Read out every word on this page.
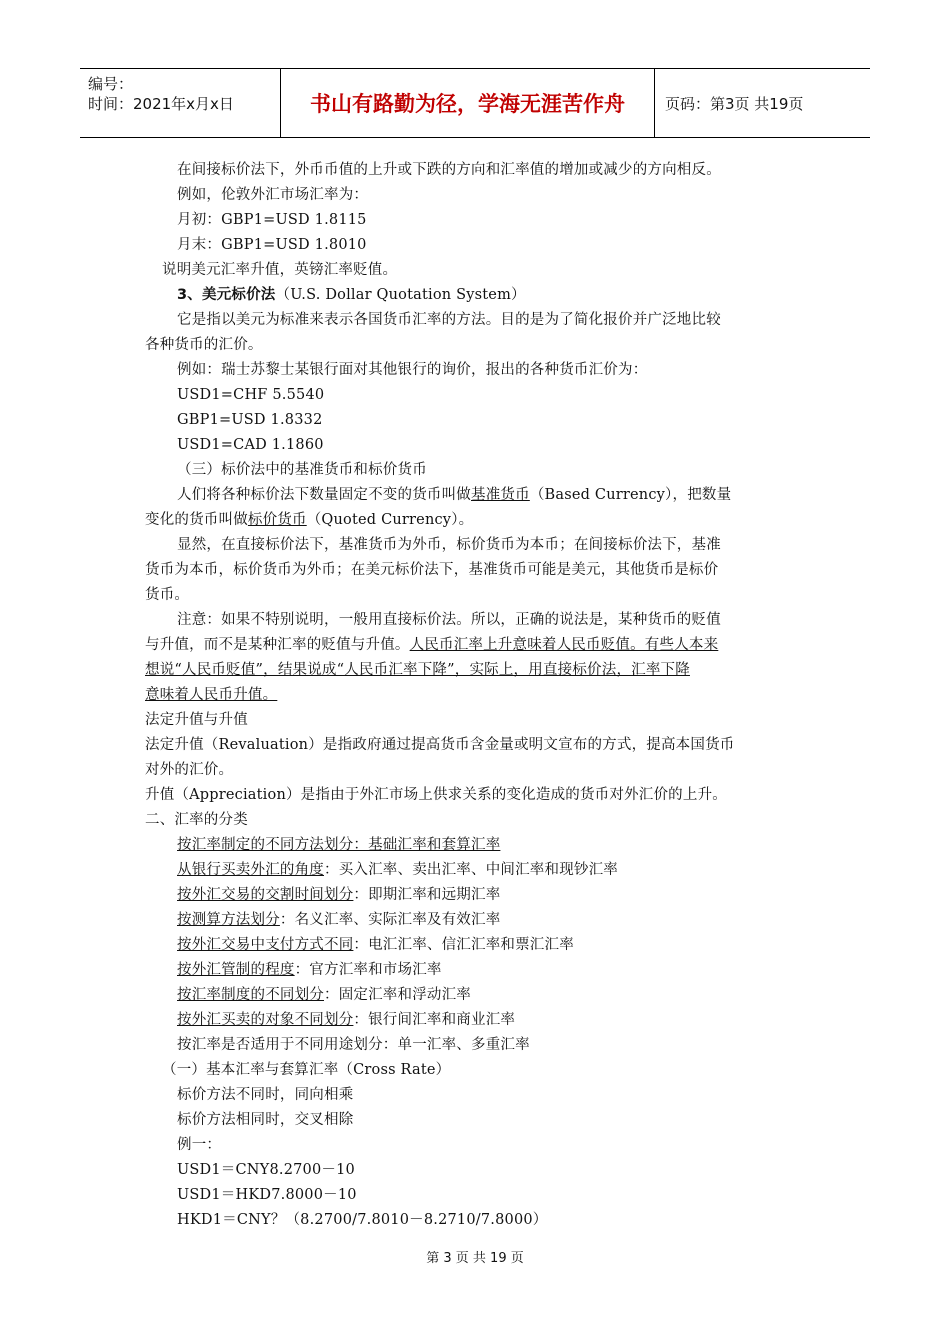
编号：
时间：2021年x月x日	书山有路勤为径，学海无涯苦作舟	页码：第3页 共19页
在间接标价法下，外币币值的上升或下跌的方向和汇率值的增加或减少的方向相反。
例如，伦敦外汇市场汇率为：
月初：GBP1=USD 1.8115
月末：GBP1=USD 1.8010
说明美元汇率升值，英镑汇率贬值。
3、美元标价法（U.S. Dollar Quotation System）
它是指以美元为标准来表示各国货币汇率的方法。目的是为了简化报价并广泛地比较
各种货币的汇价。
例如：瑞士苏黎士某银行面对其他银行的询价，报出的各种货币汇价为：
USD1=CHF 5.5540
GBP1=USD 1.8332
USD1=CAD 1.1860
（三）标价法中的基准货币和标价货币
人们将各种标价法下数量固定不变的货币叫做基准货币（Based Currency），把数量
变化的货币叫做标价货币（Quoted Currency）。
显然，在直接标价法下，基准货币为外币，标价货币为本币；在间接标价法下，基准
货币为本币，标价货币为外币；在美元标价法下，基准货币可能是美元，其他货币是标价
货币。
注意：如果不特别说明，一般用直接标价法。所以，正确的说法是，某种货币的贬值
与升值，而不是某种汇率的贬值与升值。人民币汇率上升意味着人民币贬值。有些人本来
想说“人民币贬值”，结果说成“人民币汇率下降”，实际上，用直接标价法，汇率下降
意味着人民币升值。
法定升值与升值
法定升值（Revaluation）是指政府通过提高货币含金量或明文宣布的方式，提高本国货币
对外的汇价。
升值（Appreciation）是指由于外汇市场上供求关系的变化造成的货币对外汇价的上升。
二、汇率的分类
按汇率制定的不同方法划分：基础汇率和套算汇率
从银行买卖外汇的角度：买入汇率、卖出汇率、中间汇率和现钞汇率
按外汇交易的交割时间划分：即期汇率和远期汇率
按测算方法划分：名义汇率、实际汇率及有效汇率
按外汇交易中支付方式不同：电汇汇率、信汇汇率和票汇汇率
按外汇管制的程度：官方汇率和市场汇率
按汇率制度的不同划分：固定汇率和浮动汇率
按外汇买卖的对象不同划分：银行间汇率和商业汇率
按汇率是否适用于不同用途划分：单一汇率、多重汇率
（一）基本汇率与套算汇率（Cross Rate）
标价方法不同时，同向相乘
标价方法相同时，交叉相除
例一：
USD1＝CNY8.2700－10
USD1＝HKD7.8000－10
HKD1＝CNY？（8.2700/7.8010－8.2710/7.8000）
第 3 页 共 19 页
